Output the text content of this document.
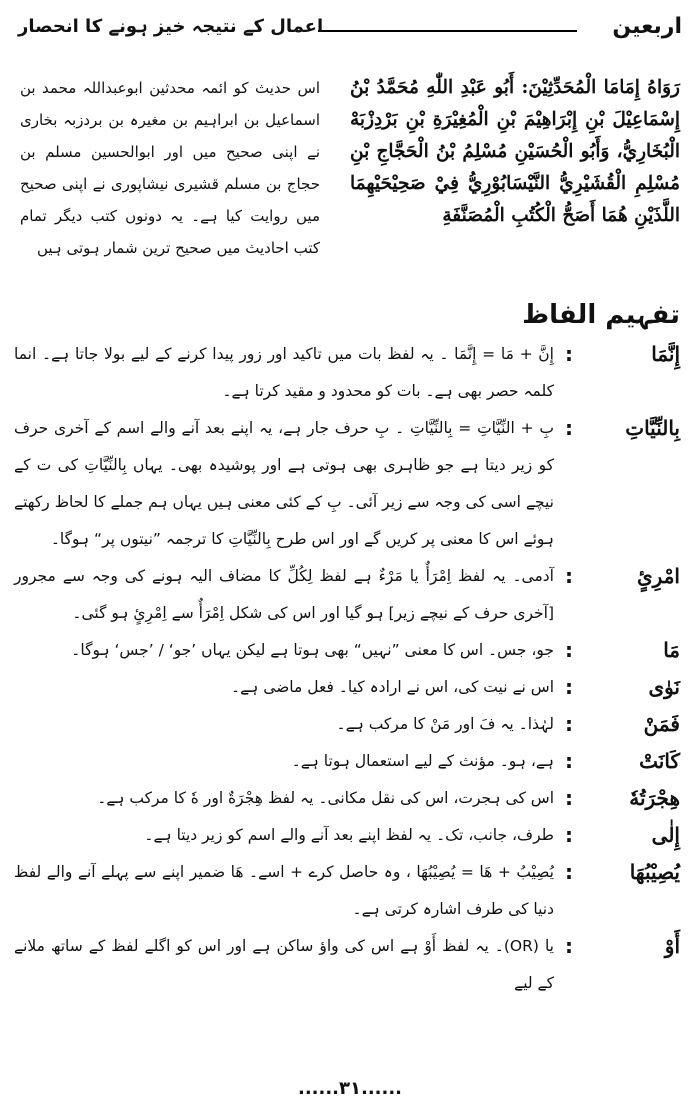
اربعین
اعمال کے نتیجہ خیز ہونے کا انحصار
رَوَاهُ إِمَامَا الْمُحَدِّثِيْنَ: أَبُو عَبْدِ اللّٰهِ مُحَمَّدُ بْنُ إِسْمَاعِيْلَ بْنِ إِبْرَاهِيْمَ بْنِ الْمُغِيْرَةِ بْنِ بَرْدِزْبَهْ الْبُخَارِيُّ، وَأَبُو الْحُسَيْنِ مُسْلِمُ بْنُ الْحَجَّاجِ بْنِ مُسْلِمِ الْقُشَيْرِيُّ النَّيْسَابُوْرِيُّ فِيْ صَحِيْحَيْهِمَا اللَّذَيْنِ هُمَا أَصَحُّ الْكُتُبِ الْمُصَنَّفَةِ
اس حدیث کو ائمہ محدثین ابوعبداللہ محمد بن اسماعیل بن ابراہیم بن مغیرہ بن بردزبہ بخاری نے اپنی صحیح میں اور ابوالحسین مسلم بن حجاج بن مسلم قشیری نیشاپوری نے اپنی صحیح میں روایت کیا ہے۔ یہ دونوں کتب دیگر تمام کتب احادیث میں صحیح ترین شمار ہوتی ہیں
تفہیم الفاظ
إِنَّمَا
:
إِنَّ + مَا = إِنَّمَا ۔ یہ لفظ بات میں تاکید اور زور پیدا کرنے کے لیے بولا جاتا ہے۔ انما کلمہ حصر بھی ہے۔ بات کو محدود و مقید کرتا ہے۔
بِالنِّيَّاتِ
:
بِ + النِّيَّاتِ = بِالنِّيَّاتِ ۔ بِ حرف جار ہے، یہ اپنے بعد آنے والے اسم کے آخری حرف کو زیر دیتا ہے جو ظاہری بھی ہوتی ہے اور پوشیدہ بھی۔ یہاں بِالنِّيَّاتِ کی ت کے نیچے اسی کی وجہ سے زیر آئی۔ بِ کے کئی معنی ہیں یہاں ہم جملے کا لحاظ رکھتے ہوئے اس کا معنی پر کریں گے اور اس طرح بِالنِّيَّاتِ کا ترجمہ ”نیتوں پر“ ہوگا۔
امْرِئٍ
:
آدمی۔ یہ لفظ اِمْرَأٌ یا مَرْءٌ ہے لفظ لِكُلِّ کا مضاف الیہ ہونے کی وجہ سے مجرور [آخری حرف کے نیچے زیر] ہو گیا اور اس کی شکل اِمْرَأٌ سے اِمْرِئٍ ہو گئی۔
مَا
:
جو، جس۔ اس کا معنی ”نہیں“ بھی ہوتا ہے لیکن یہاں ’جو‘ / ’جس‘ ہوگا۔
نَوٰى
:
اس نے نیت کی، اس نے ارادہ کیا۔ فعل ماضی ہے۔
فَمَنْ
:
لہٰذا۔ یہ فَ اور مَنْ کا مرکب ہے۔
كَانَتْ
:
ہے، ہو۔ مؤنث کے لیے استعمال ہوتا ہے۔
هِجْرَتُهٗ
:
اس کی ہجرت، اس کی نقل مکانی۔ یہ لفظ هِجْرَةٌ اور هٗ کا مرکب ہے۔
إِلٰى
:
طرف، جانب، تک۔ یہ لفظ اپنے بعد آنے والے اسم کو زیر دیتا ہے۔
يُصِيْبُهَا
:
يُصِيْبُ + هَا = يُصِيْبُهَا ، وہ حاصل کرے + اسے۔ هَا ضمیر اپنے سے پہلے آنے والے لفظ دنیا کی طرف اشارہ کرتی ہے۔
أَوْ
:
یا (OR)۔ یہ لفظ أَوْ ہے اس کی واؤ ساکن ہے اور اس کو اگلے لفظ کے ساتھ ملانے کے لیے
......۳۱......
